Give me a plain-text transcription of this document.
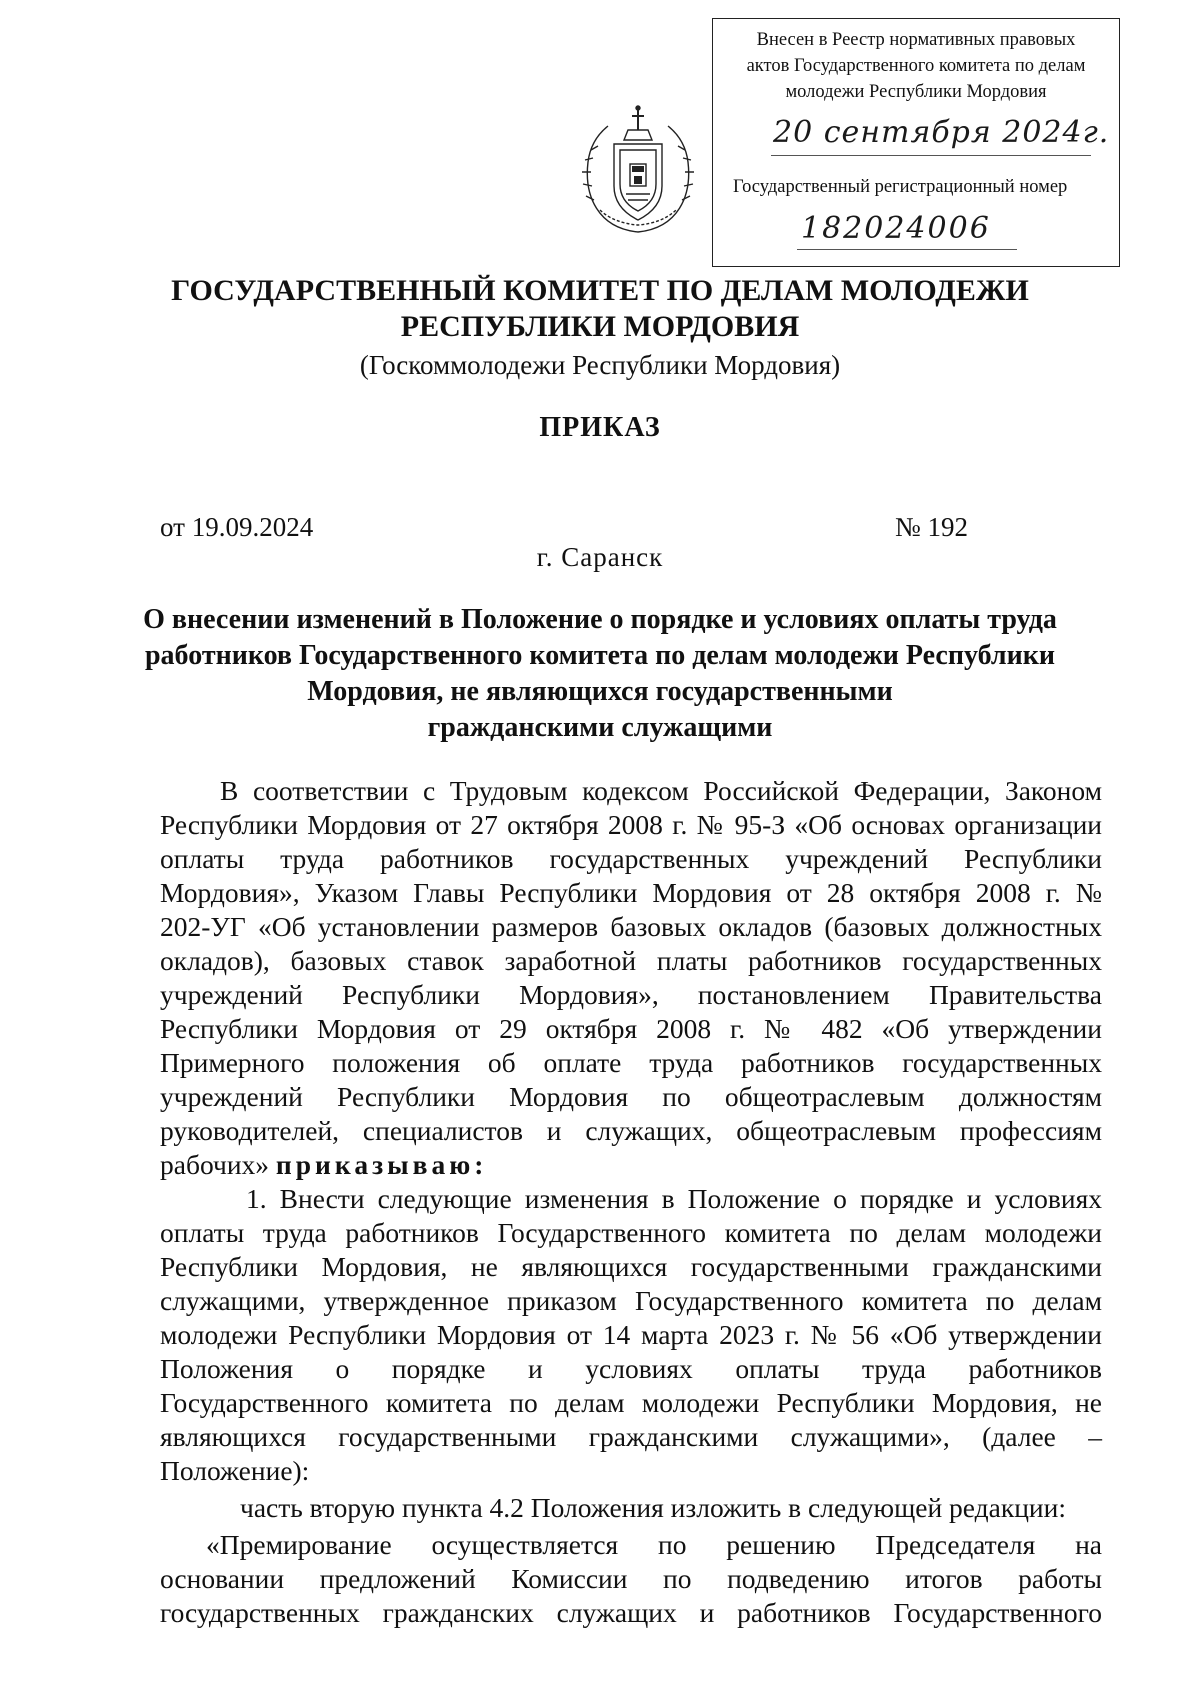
Внесен в Реестр нормативных правовых
актов Государственного комитета по делам
молодежи Республики Мордовия
20 сентября 2024г.
Государственный регистрационный номер
182024006
ГОСУДАРСТВЕННЫЙ КОМИТЕТ ПО ДЕЛАМ МОЛОДЕЖИ
РЕСПУБЛИКИ МОРДОВИЯ
(Госкоммолодежи Республики Мордовия)
ПРИКАЗ
от 19.09.2024	№ 192
г. Саранск
О внесении изменений в Положение о порядке и условиях оплаты труда
работников Государственного комитета по делам молодежи Республики
Мордовия, не являющихся государственными
гражданскими служащими
В соответствии с Трудовым кодексом Российской Федерации, Законом
Республики Мордовия от 27 октября 2008 г. № 95-З «Об основах организации
оплаты труда работников государственных учреждений Республики
Мордовия», Указом Главы Республики Мордовия от 28 октября 2008 г. №
202-УГ «Об установлении размеров базовых окладов (базовых должностных
окладов), базовых ставок заработной платы работников государственных
учреждений Республики Мордовия», постановлением Правительства
Республики Мордовия от 29 октября 2008 г. № 482 «Об утверждении
Примерного положения об оплате труда работников государственных
учреждений Республики Мордовия по общеотраслевым должностям
руководителей, специалистов и служащих, общеотраслевым профессиям
рабочих» приказываю:
1. Внести следующие изменения в Положение о порядке и условиях
оплаты труда работников Государственного комитета по делам молодежи
Республики Мордовия, не являющихся государственными гражданскими
служащими, утвержденное приказом Государственного комитета по делам
молодежи Республики Мордовия от 14 марта 2023 г. № 56 «Об утверждении
Положения о порядке и условиях оплаты труда работников
Государственного комитета по делам молодежи Республики Мордовия, не
являющихся государственными гражданскими служащими», (далее –
Положение):
часть вторую пункта 4.2 Положения изложить в следующей редакции:
«Премирование осуществляется по решению Председателя на
основании предложений Комиссии по подведению итогов работы
государственных гражданских служащих и работников Государственного
